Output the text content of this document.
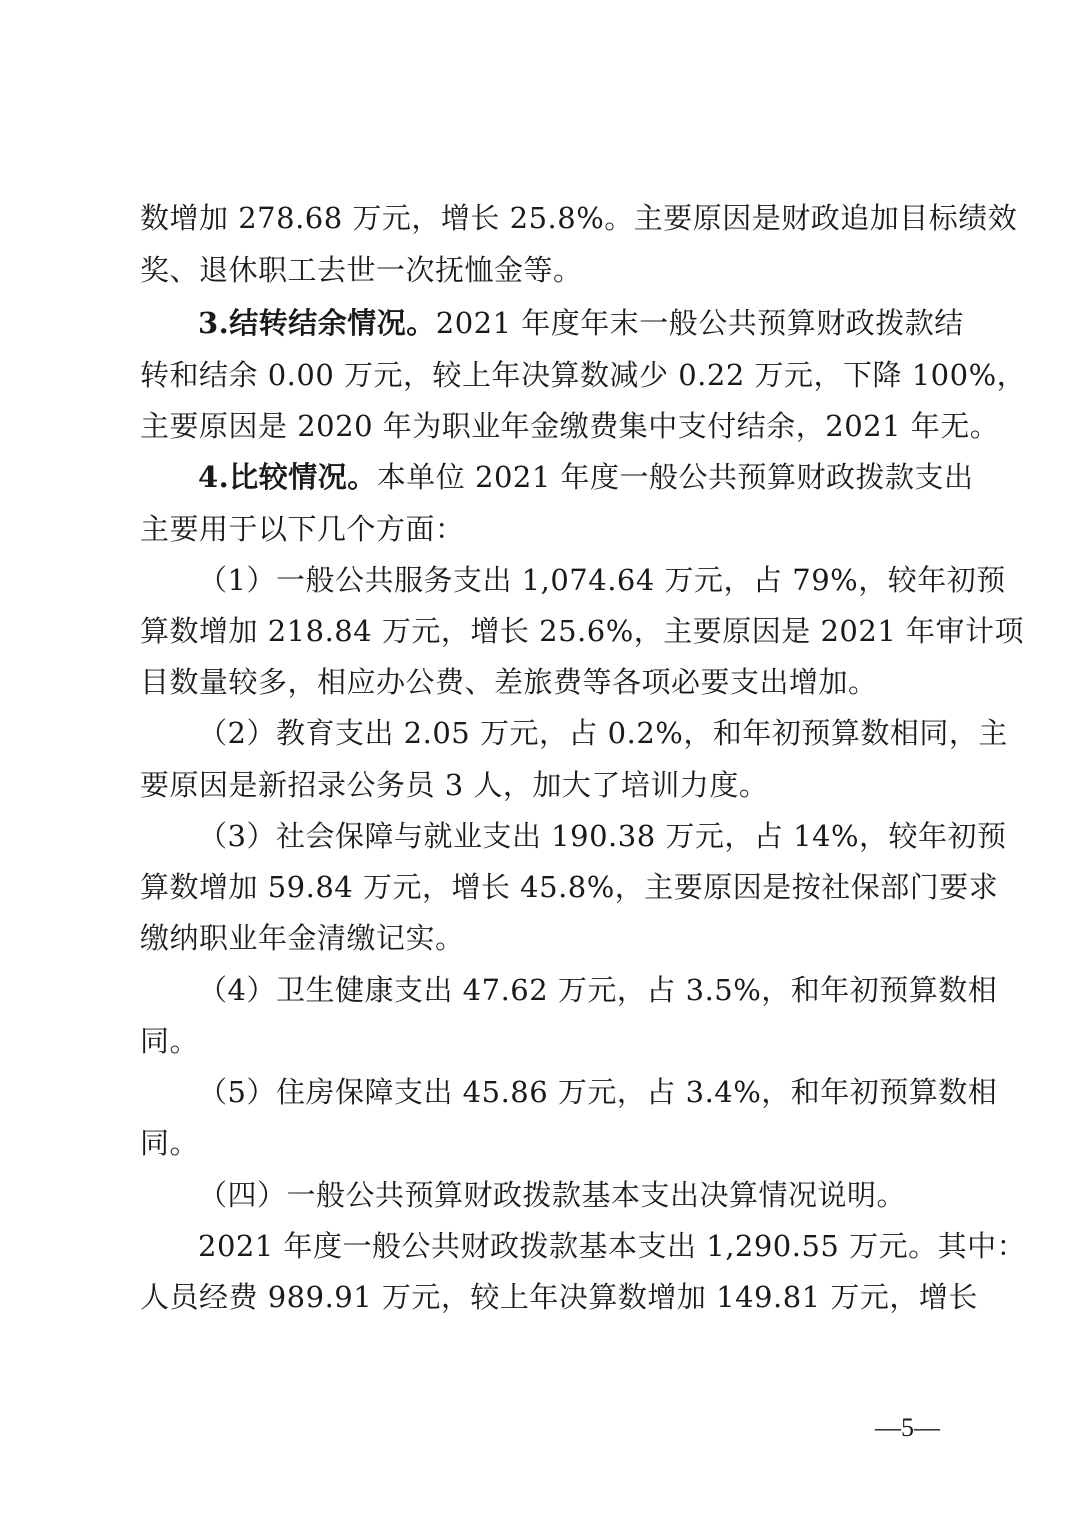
数增加 278.68 万元，增长 25.8%。主要原因是财政追加目标绩效
奖、退休职工去世一次抚恤金等。
3.结转结余情况。2021 年度年末一般公共预算财政拨款结
转和结余 0.00 万元，较上年决算数减少 0.22 万元，下降 100%，
主要原因是 2020 年为职业年金缴费集中支付结余，2021 年无。
4.比较情况。本单位 2021 年度一般公共预算财政拨款支出
主要用于以下几个方面：
（1）一般公共服务支出 1,074.64 万元，占 79%，较年初预
算数增加 218.84 万元，增长 25.6%，主要原因是 2021 年审计项
目数量较多，相应办公费、差旅费等各项必要支出增加。
（2）教育支出 2.05 万元，占 0.2%，和年初预算数相同，主
要原因是新招录公务员 3 人，加大了培训力度。
（3）社会保障与就业支出 190.38 万元，占 14%，较年初预
算数增加 59.84 万元，增长 45.8%，主要原因是按社保部门要求
缴纳职业年金清缴记实。
（4）卫生健康支出 47.62 万元，占 3.5%，和年初预算数相
同。
（5）住房保障支出 45.86 万元，占 3.4%，和年初预算数相
同。
（四）一般公共预算财政拨款基本支出决算情况说明。
2021 年度一般公共财政拨款基本支出 1,290.55 万元。其中：
人员经费 989.91 万元，较上年决算数增加 149.81 万元，增长
—5—
